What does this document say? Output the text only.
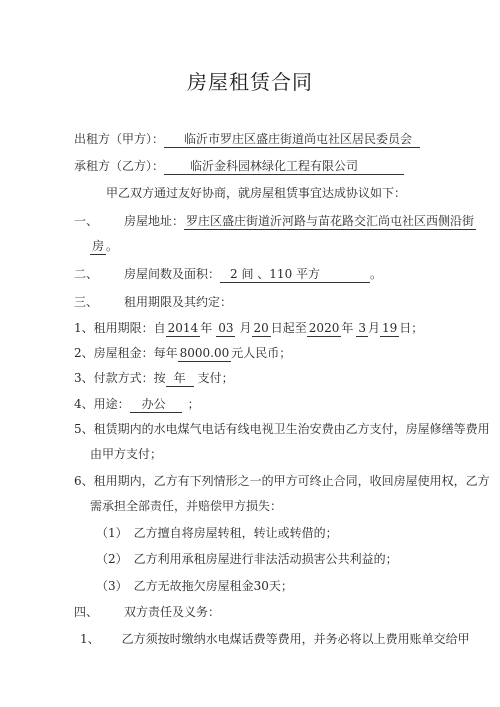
房屋租赁合同
出租方（甲方）： 临沂市罗庄区盛庄街道尚屯社区居民委员会
承租方（乙方）： 临沂金科园林绿化工程有限公司
甲乙双方通过友好协商，就房屋租赁事宜达成协议如下：
一、 房屋地址： 罗庄区盛庄街道沂河路与苗花路交汇尚屯社区西侧沿街
房 。
二、 房屋间数及面积： 2 间 、110 平方	。
三、 租用期限及其约定：
1、租用期限：自 2014 年 03 月 20 日起至 2020 年 3 月 19 日；
2、房屋租金：每年 8000.00 元人民币；
3、付款方式：按 年 支付；
4、用途： 办公 ；
5、租赁期内的水电煤气电话有线电视卫生治安费由乙方支付，房屋修缮等费用
由甲方支付；
6、租用期内，乙方有下列情形之一的甲方可终止合同，收回房屋使用权，乙方
需承担全部责任，并赔偿甲方损失：
（1） 乙方擅自将房屋转租，转让或转借的；
（2） 乙方利用承租房屋进行非法活动损害公共利益的；
（3） 乙方无故拖欠房屋租金30天；
四、 双方责任及义务：
1、 乙方须按时缴纳水电煤话费等费用，并务必将以上费用账单交给甲
